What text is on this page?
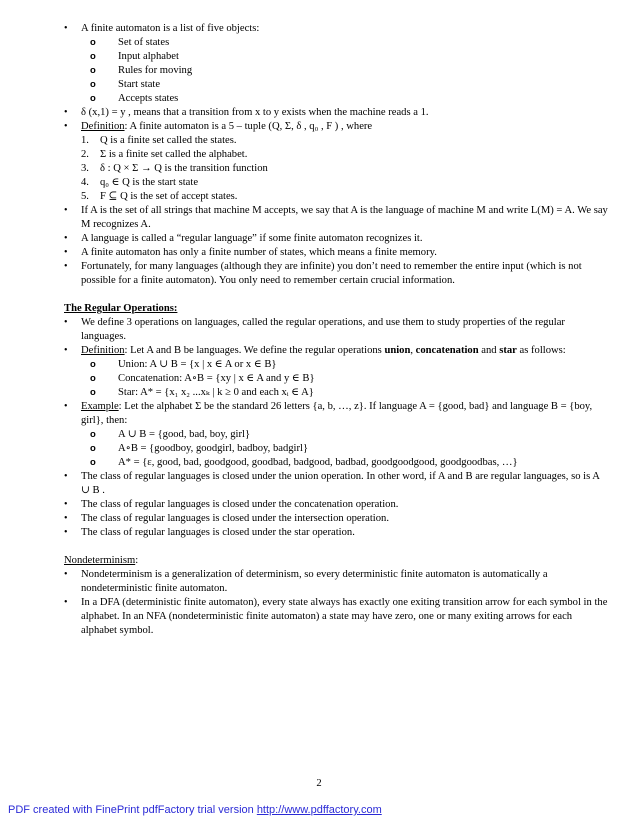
•	A finite automaton is a list of five objects:
o Set of states
o Input alphabet
o Rules for moving
o Start state
o Accepts states
•	δ (x,1) = y , means that a transition from x to y exists when the machine reads a 1.
•	Definition: A finite automaton is a 5 – tuple (Q, Σ, δ , q₀ , F ) , where
1. Q is a finite set called the states.
2. Σ is a finite set called the alphabet.
3. δ : Q × Σ → Q is the transition function
4. q₀ ∈ Q is the start state
5. F ⊆ Q is the set of accept states.
•	If A is the set of all strings that machine M accepts, we say that A is the language of machine M and write L(M) = A. We say M recognizes A.
•	A language is called a “regular language” if some finite automaton recognizes it.
•	A finite automaton has only a finite number of states, which means a finite memory.
•	Fortunately, for many languages (although they are infinite) you don’t need to remember the entire input (which is not possible for a finite automaton). You only need to remember certain crucial information.
The Regular Operations:
•	We define 3 operations on languages, called the regular operations, and use them to study properties of the regular languages.
•	Definition: Let A and B be languages. We define the regular operations union, concatenation and star as follows:
o Union: A ∪ B = {x | x ∈ A or x ∈ B}
o Concatenation: A∘B = {xy | x ∈ A and y ∈ B}
o Star: A* = {x₁ x₂ ...xₖ | k ≥ 0 and each xᵢ ∈ A}
•	Example: Let the alphabet Σ be the standard 26 letters {a, b, …, z}. If language A = {good, bad} and language B = {boy, girl}, then:
o A ∪ B = {good, bad, boy, girl}
o A∘B = {goodboy, goodgirl, badboy, badgirl}
o A* = {ε, good, bad, goodgood, goodbad, badgood, badbad, goodgoodgood, goodgoodbas, …}
•	The class of regular languages is closed under the union operation. In other word, if A and B are regular languages, so is A ∪ B .
•	The class of regular languages is closed under the concatenation operation.
•	The class of regular languages is closed under the intersection operation.
•	The class of regular languages is closed under the star operation.
Nondeterminism:
•	Nondeterminism is a generalization of determinism, so every deterministic finite automaton is automatically a nondeterministic finite automaton.
•	In a DFA (deterministic finite automaton), every state always has exactly one exiting transition arrow for each symbol in the alphabet. In an NFA (nondeterministic finite automaton) a state may have zero, one or many exiting arrows for each alphabet symbol.
2
PDF created with FinePrint pdfFactory trial version http://www.pdffactory.com
